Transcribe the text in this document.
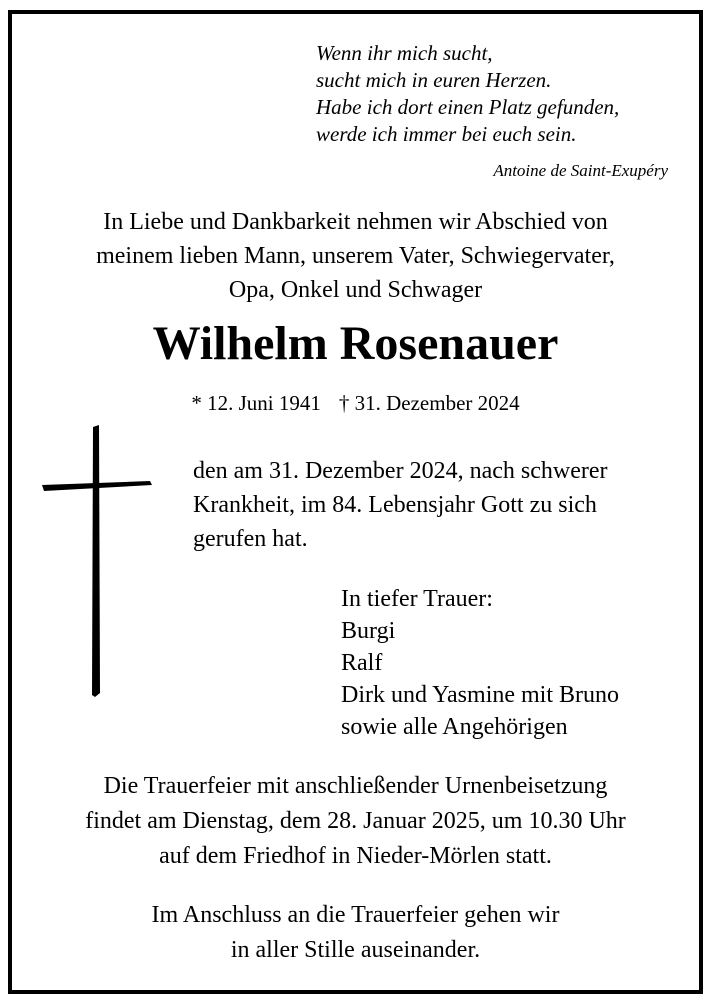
Wenn ihr mich sucht,
sucht mich in euren Herzen.
Habe ich dort einen Platz gefunden,
werde ich immer bei euch sein.
Antoine de Saint-Exupéry
In Liebe und Dankbarkeit nehmen wir Abschied von
meinem lieben Mann, unserem Vater, Schwiegervater,
Opa, Onkel und Schwager
Wilhelm Rosenauer
* 12. Juni 1941 † 31. Dezember 2024
den am 31. Dezember 2024, nach schwerer
Krankheit, im 84. Lebensjahr Gott zu sich
gerufen hat.
In tiefer Trauer:
Burgi
Ralf
Dirk und Yasmine mit Bruno
sowie alle Angehörigen
Die Trauerfeier mit anschließender Urnenbeisetzung
findet am Dienstag, dem 28. Januar 2025, um 10.30 Uhr
auf dem Friedhof in Nieder-Mörlen statt.
Im Anschluss an die Trauerfeier gehen wir
in aller Stille auseinander.
